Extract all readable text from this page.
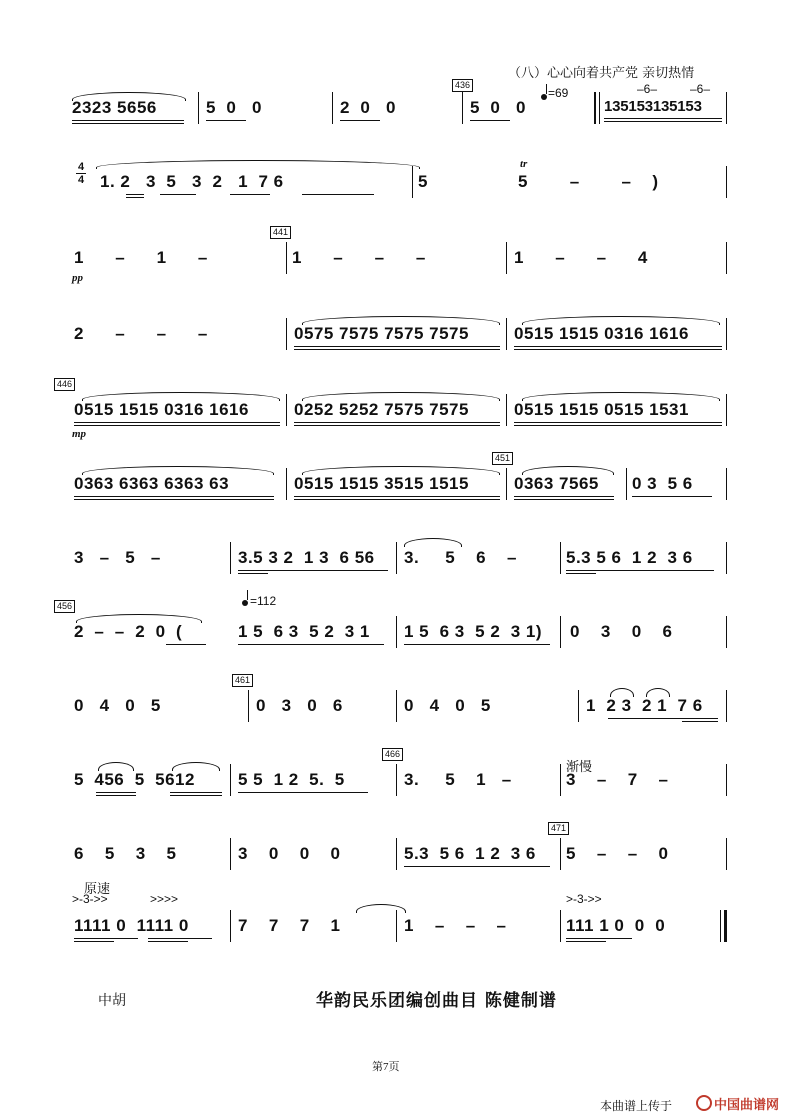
（八）心心向着共产党 亲切热情
2323 5656	5  0   0	2  0   0
436
5  0   0
=69	–6–	–6–
135153135153
4
4 1. 2   3  5   3  2   1  7 6	5
tr
5        –        –    )
1      –      1      –
pp
441
1      –      –      –	1      –      –      4
2      –      –      –	0575 7575 7575 7575	0515 1515 0316 1616
446
0515 1515 0316 1616
mp
0252 5252 7575 7575	0515 1515 0515 1531
0363 6363 6363 63	0515 1515 3515 1515
451
0363 7565 0 3  5 6
3   –   5   –	3.5 3 2  1 3  6 56 3.     5    6    –	5.3 5 6  1 2  3 6
456
2  –  –  2  0  (
=112
1 5  6 3  5 2  3 1 1 5  6 3  5 2  3 1) 0    3    0    6
0   4   0   5
461
0   3   0   6	0   4   0   5	1  2 3  2 1  7 6
5  456  5  5612	5 5  1 2  5.  5
466
3.     5    1   –
渐慢
3    –    7    –
6    5    3    5	3    0    0    0	5.3  5 6  1 2  3 6
471
5    –    –    0
原速
>-3->>	>>>>
1111 0  1111 0	7    7    7    1	1    –    –    –
>-3->>
111 1 0  0  0
中胡	华韵民乐团编创曲目 陈健制谱
第7页
本曲谱上传于	中国曲谱网
